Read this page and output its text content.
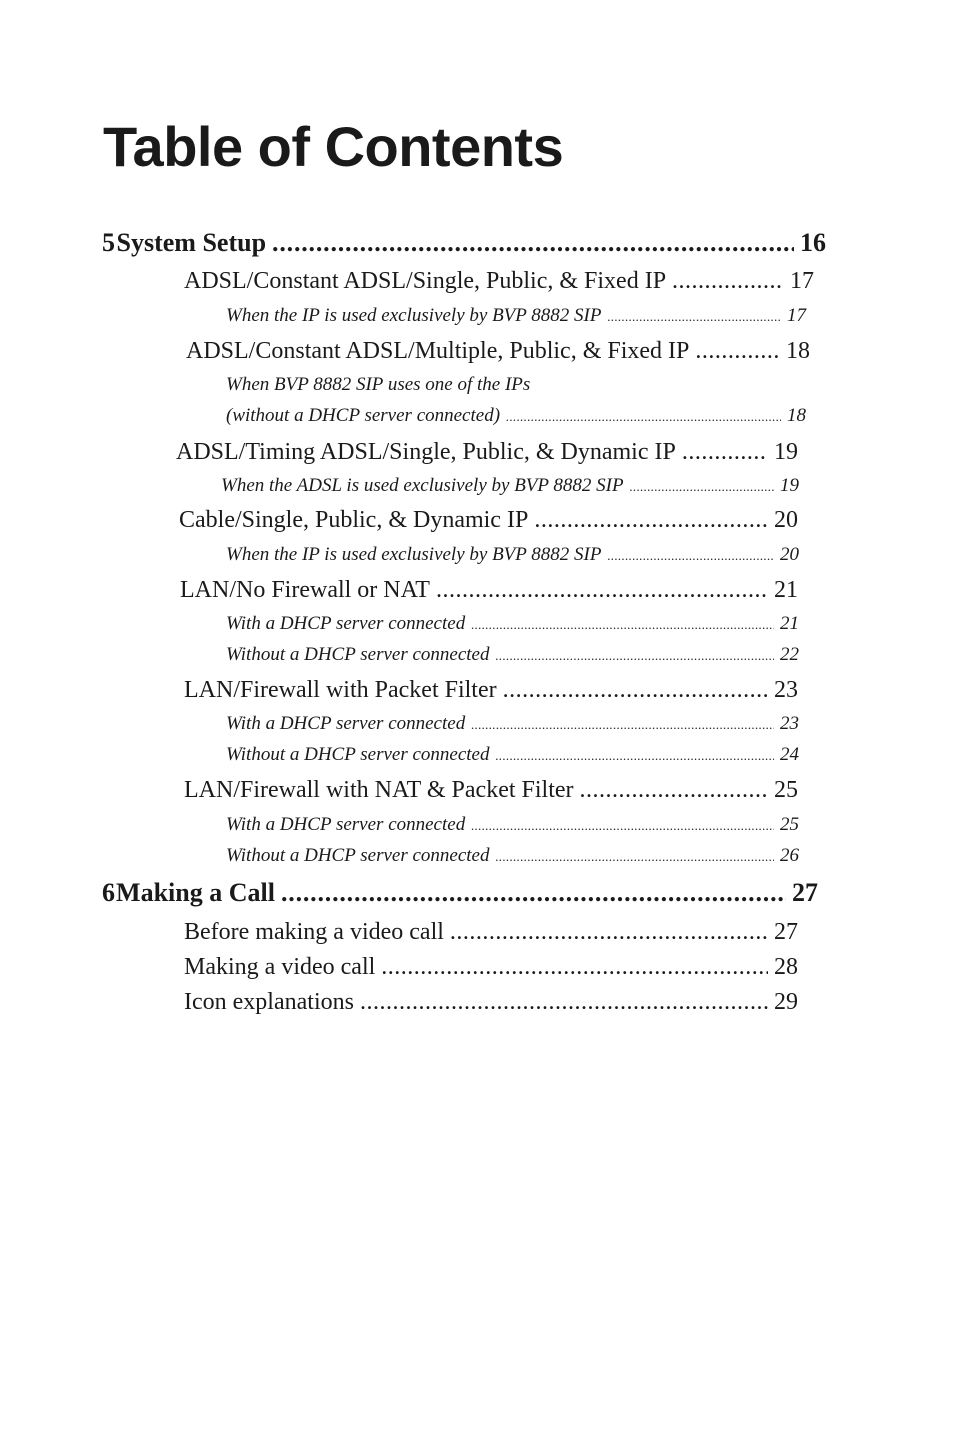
Table of Contents
5 System Setup .....	16
ADSL/Constant ADSL/Single, Public, & Fixed IP .....	17
When the IP is used exclusively by BVP 8882 SIP .....	17
ADSL/Constant ADSL/Multiple, Public, & Fixed IP .....	18
When BVP 8882 SIP uses one of the IPs
(without a DHCP server connected) .....	18
ADSL/Timing ADSL/Single, Public, & Dynamic IP .....	19
When the ADSL is used exclusively by BVP 8882 SIP .....	19
Cable/Single, Public, & Dynamic IP .....	20
When the IP is used exclusively by BVP 8882 SIP .....	20
LAN/No Firewall or NAT .....	21
With a DHCP server connected .....	21
Without a DHCP server connected .....	22
LAN/Firewall with Packet Filter .....	23
With a DHCP server connected .....	23
Without a DHCP server connected .....	24
LAN/Firewall with NAT & Packet Filter .....	25
With a DHCP server connected .....	25
Without a DHCP server connected .....	26
6 Making a Call .....	27
Before making a video call .....	27
Making a video call .....	28
Icon explanations .....	29
